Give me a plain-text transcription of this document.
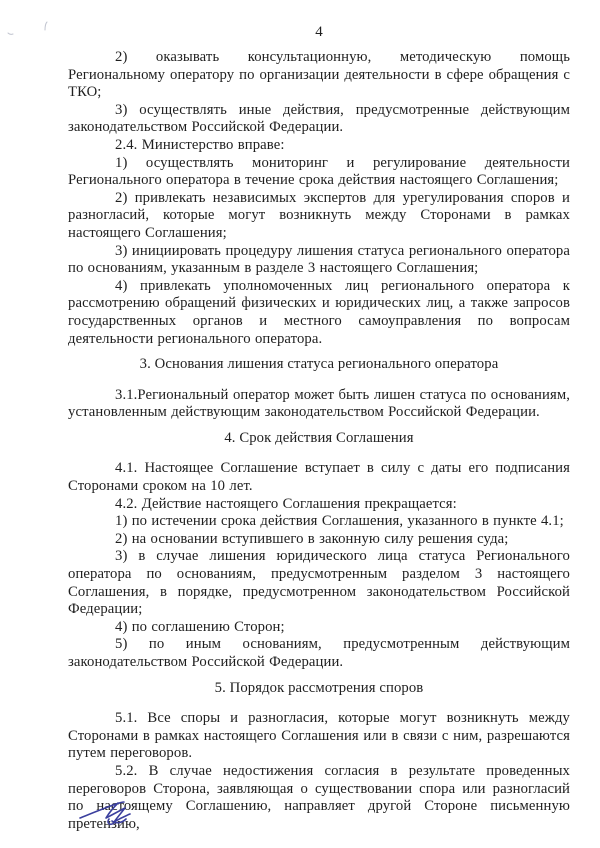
4

2) оказывать консультационную, методическую помощь Региональному оператору по организации деятельности в сфере обращения с ТКО;

3) осуществлять иные действия, предусмотренные действующим законодательством Российской Федерации.

2.4. Министерство вправе:

1) осуществлять мониторинг и регулирование деятельности Регионального оператора в течение срока действия настоящего Соглашения;

2) привлекать независимых экспертов для урегулирования споров и разногласий, которые могут возникнуть между Сторонами в рамках настоящего Соглашения;

3) инициировать процедуру лишения статуса регионального оператора по основаниям, указанным в разделе 3 настоящего Соглашения;

4) привлекать уполномоченных лиц регионального оператора к рассмотрению обращений физических и юридических лиц, а также запросов государственных органов и местного самоуправления по вопросам деятельности регионального оператора.

3. Основания лишения статуса регионального оператора

3.1.Региональный оператор может быть лишен статуса по основаниям, установленным действующим законодательством Российской Федерации.

4. Срок действия Соглашения

4.1. Настоящее Соглашение вступает в силу с даты его подписания Сторонами сроком на 10 лет.

4.2. Действие настоящего Соглашения прекращается:

1) по истечении срока действия Соглашения, указанного в пункте 4.1;

2) на основании вступившего в законную силу решения суда;

3) в случае лишения юридического лица статуса Регионального оператора по основаниям, предусмотренным разделом 3 настоящего Соглашения, в порядке, предусмотренном законодательством Российской Федерации;

4) по соглашению Сторон;

5) по иным основаниям, предусмотренным действующим законодательством Российской Федерации.

5. Порядок рассмотрения споров

5.1. Все споры и разногласия, которые могут возникнуть между Сторонами в рамках настоящего Соглашения или в связи с ним, разрешаются путем переговоров.

5.2. В случае недостижения согласия в результате проведенных переговоров Сторона, заявляющая о существовании спора или разногласий по настоящему Соглашению, направляет другой Стороне письменную претензию,
